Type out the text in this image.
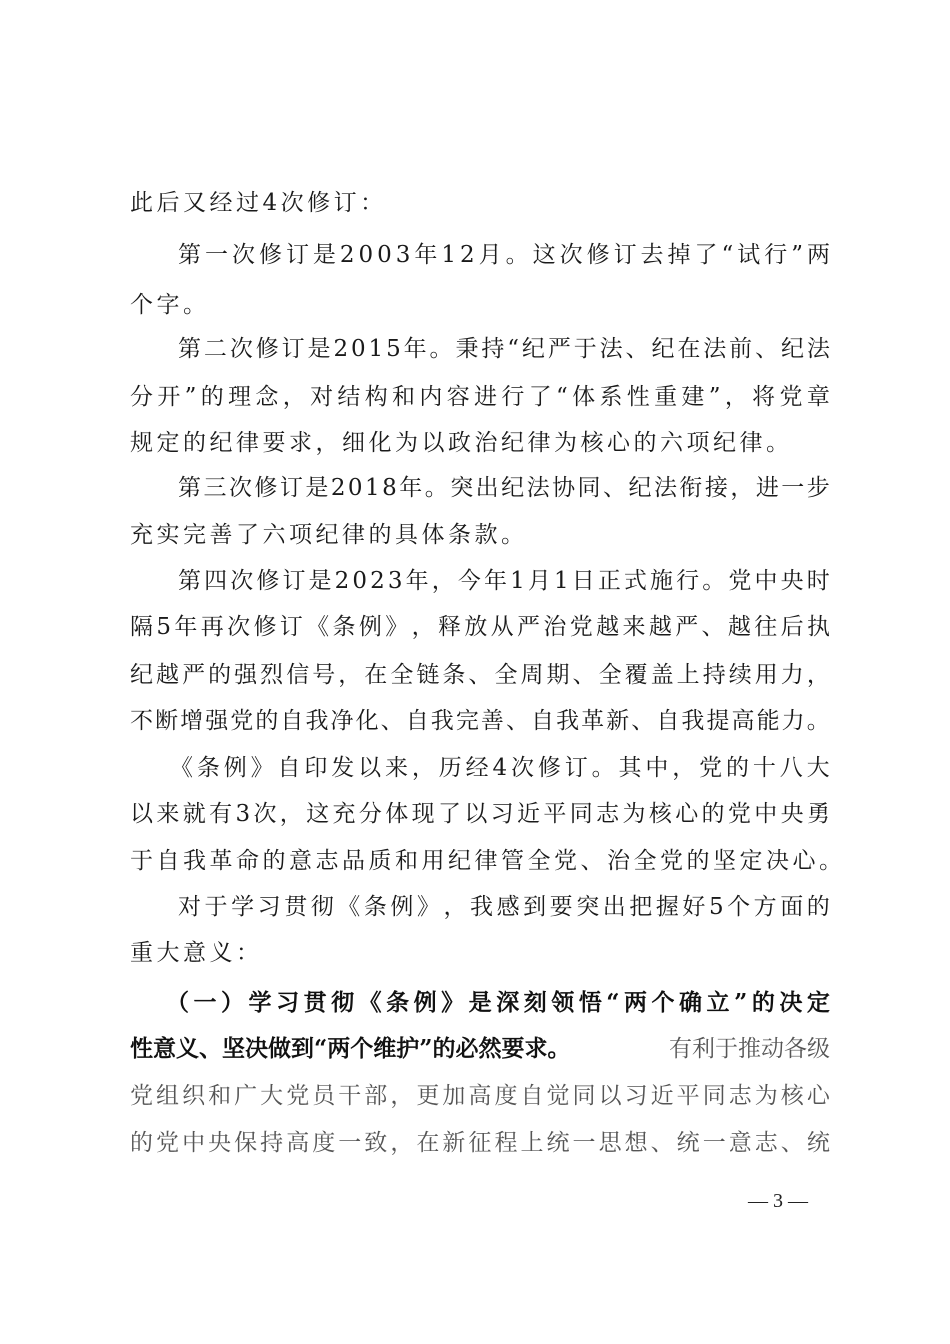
此后又经过4次修订：
第 一 次 修 订 是 2 0 0 3 年 1 2 月 。 这 次 修 订 去 掉 了 “ 试 行 ” 两
个字。
第 二 次 修 订 是 2 0 1 5 年 。 秉 持 “ 纪 严 于 法 、 纪 在 法 前 、 纪 法
分 开 ” 的 理 念 ， 对 结 构 和 内 容 进 行 了 “ 体 系 性 重 建 ” ， 将 党 章
规定的纪律要求，细化为以政治纪律为核心的六项纪律。
第 三 次 修 订 是 2 0 1 8 年 。 突 出 纪 法 协 同 、 纪 法 衔 接 ， 进 一 步
充实完善了六项纪律的具体条款。
第 四 次 修 订 是 2 0 2 3 年 ， 今 年 1 月 1 日 正 式 施 行 。 党 中 央 时
隔 5 年 再 次 修 订 《 条 例 》 ， 释 放 从 严 治 党 越 来 越 严 、 越 往 后 执
纪 越 严 的 强 烈 信 号 ， 在 全 链 条 、 全 周 期 、 全 覆 盖 上 持 续 用 力 ，
不 断 增 强 党 的 自 我 净 化 、 自 我 完 善 、 自 我 革 新 、 自 我 提 高 能 力 。
《 条 例 》 自 印 发 以 来 ， 历 经 4 次 修 订 。 其 中 ， 党 的 十 八 大
以 来 就 有 3 次 ， 这 充 分 体 现 了 以 习 近 平 同 志 为 核 心 的 党 中 央 勇
于自我革命的意志品质和用纪律管全党、治全党的坚定决心。
对 于 学 习 贯 彻 《 条 例 》 ， 我 感 到 要 突 出 把 握 好 5 个 方 面 的
重大意义：
（ 一 ） 学 习 贯 彻 《 条 例 》 是 深 刻 领 悟 “ 两 个 确 立 ” 的 决 定
性意义、坚决做到“两个维护”的必然要求。	有利于推动各级
党 组 织 和 广 大 党 员 干 部 ， 更 加 高 度 自 觉 同 以 习 近 平 同 志 为 核 心
的 党 中 央 保 持 高 度 一 致 ， 在 新 征 程 上 统 一 思 想 、 统 一 意 志 、 统
— 3 —
